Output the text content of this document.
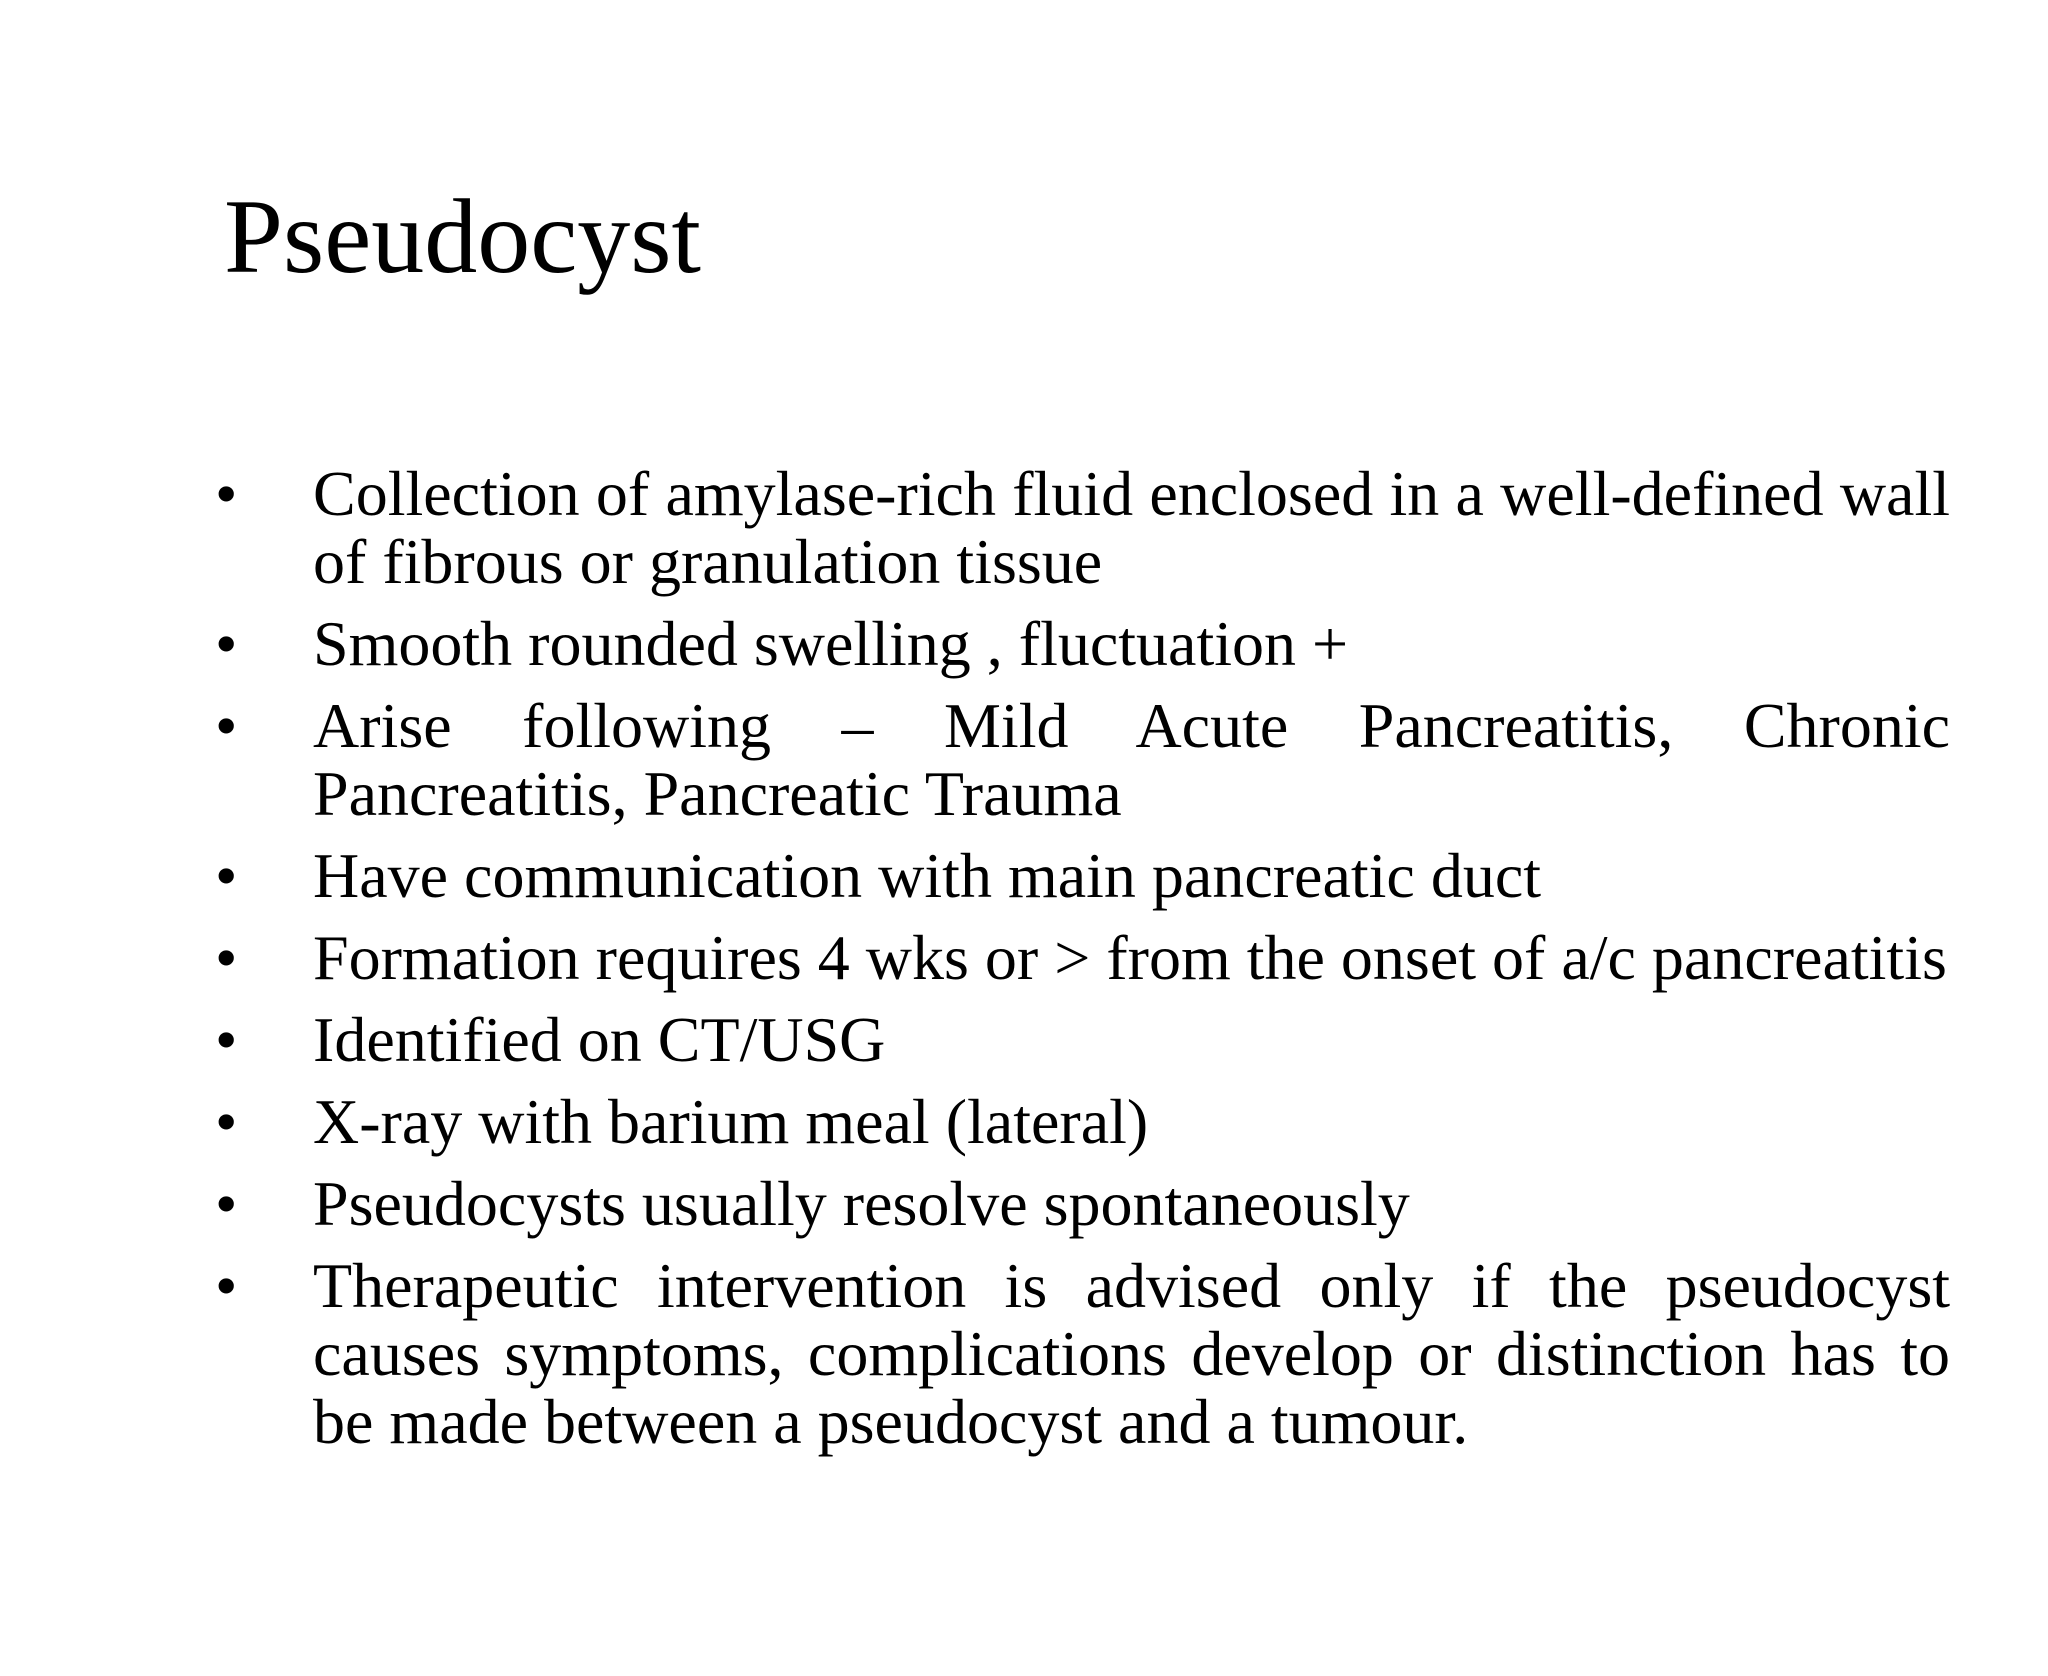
Pseudocyst
•	Collection of amylase-rich fluid enclosed in a well-defined wall of fibrous or granulation tissue
•	Smooth rounded swelling , fluctuation +
•	Arise following – Mild Acute Pancreatitis, Chronic Pancreatitis, Pancreatic Trauma
•	Have communication with main pancreatic duct
•	Formation requires 4 wks or > from the onset of a/c pancreatitis
•	Identified on CT/USG
•	X-ray with barium meal (lateral)
•	Pseudocysts usually resolve spontaneously
•	Therapeutic intervention is advised only if the pseudocyst causes symptoms, complications develop or distinction has to be made between a pseudocyst and a tumour.
